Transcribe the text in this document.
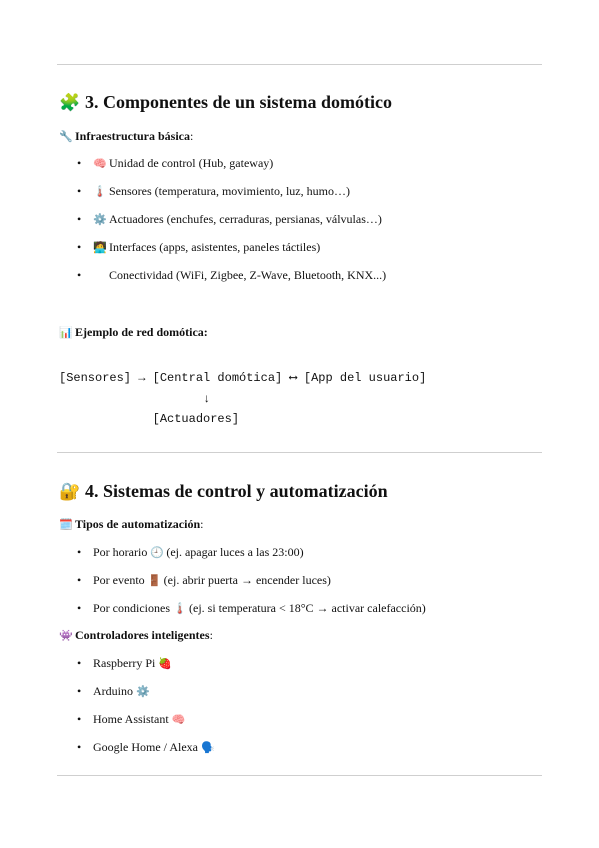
🧩 3. Componentes de un sistema domótico
🔧 Infraestructura básica:
• 🧠 Unidad de control (Hub, gateway)
• 🌡️ Sensores (temperatura, movimiento, luz, humo…)
• ⚙️ Actuadores (enchufes, cerraduras, persianas, válvulas…)
• 🧑‍💻 Interfaces (apps, asistentes, paneles táctiles)
•	Conectividad (WiFi, Zigbee, Z-Wave, Bluetooth, KNX...)
📊 Ejemplo de red domótica:
[Sensores] → [Central domótica] ⟷ [App del usuario]
↓
[Actuadores]
🔐 4. Sistemas de control y automatización
🗓️ Tipos de automatización:
• Por horario 🕘 (ej. apagar luces a las 23:00)
• Por evento 🚪 (ej. abrir puerta → encender luces)
• Por condiciones 🌡️ (ej. si temperatura < 18°C → activar calefacción)
👾 Controladores inteligentes:
• Raspberry Pi 🍓
• Arduino ⚙️
• Home Assistant 🧠
• Google Home / Alexa 🗣️
